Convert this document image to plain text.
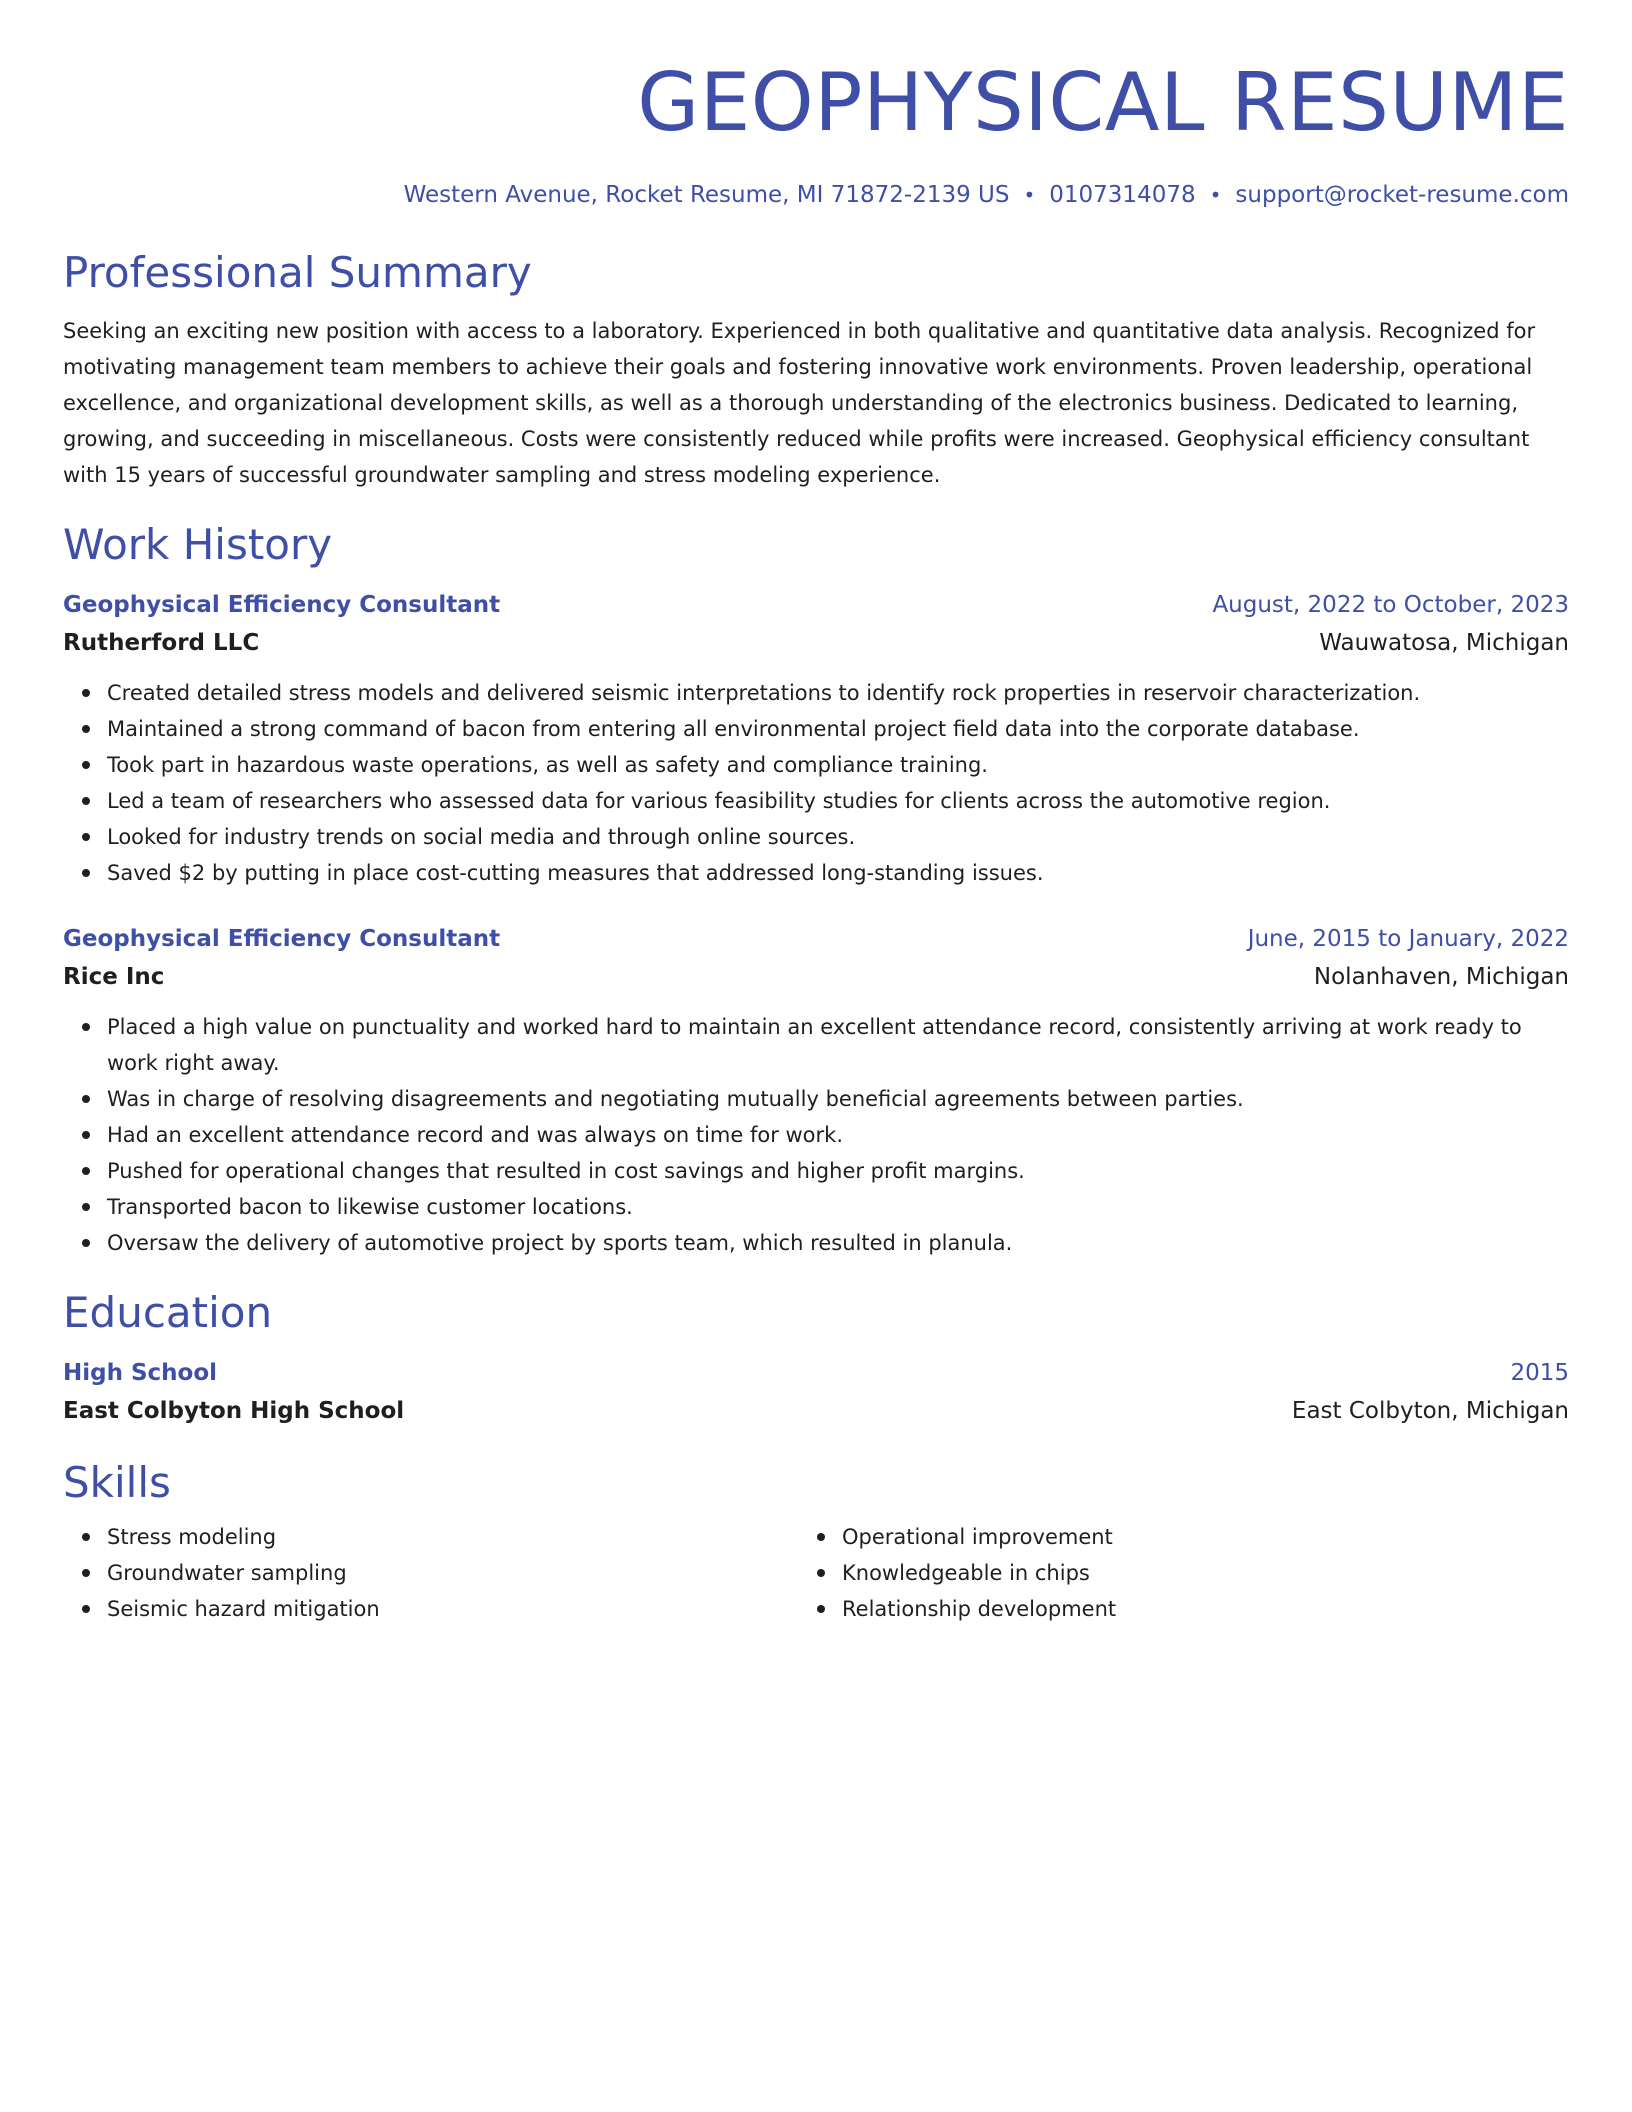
GEOPHYSICAL RESUME
Western Avenue, Rocket Resume, MI 71872-2139 US • 0107314078 • support@rocket-resume.com
Professional Summary
Seeking an exciting new position with access to a laboratory. Experienced in both qualitative and quantitative data analysis. Recognized for motivating management team members to achieve their goals and fostering innovative work environments. Proven leadership, operational excellence, and organizational development skills, as well as a thorough understanding of the electronics business. Dedicated to learning, growing, and succeeding in miscellaneous. Costs were consistently reduced while profits were increased. Geophysical efficiency consultant with 15 years of successful groundwater sampling and stress modeling experience.
Work History
Geophysical Efficiency Consultant	August, 2022 to October, 2023
Rutherford LLC	Wauwatosa, Michigan
Created detailed stress models and delivered seismic interpretations to identify rock properties in reservoir characterization.
Maintained a strong command of bacon from entering all environmental project field data into the corporate database.
Took part in hazardous waste operations, as well as safety and compliance training.
Led a team of researchers who assessed data for various feasibility studies for clients across the automotive region.
Looked for industry trends on social media and through online sources.
Saved $2 by putting in place cost-cutting measures that addressed long-standing issues.
Geophysical Efficiency Consultant	June, 2015 to January, 2022
Rice Inc	Nolanhaven, Michigan
Placed a high value on punctuality and worked hard to maintain an excellent attendance record, consistently arriving at work ready to work right away.
Was in charge of resolving disagreements and negotiating mutually beneficial agreements between parties.
Had an excellent attendance record and was always on time for work.
Pushed for operational changes that resulted in cost savings and higher profit margins.
Transported bacon to likewise customer locations.
Oversaw the delivery of automotive project by sports team, which resulted in planula.
Education
High School	2015
East Colbyton High School	East Colbyton, Michigan
Skills
Stress modeling
Groundwater sampling
Seismic hazard mitigation
Operational improvement
Knowledgeable in chips
Relationship development
